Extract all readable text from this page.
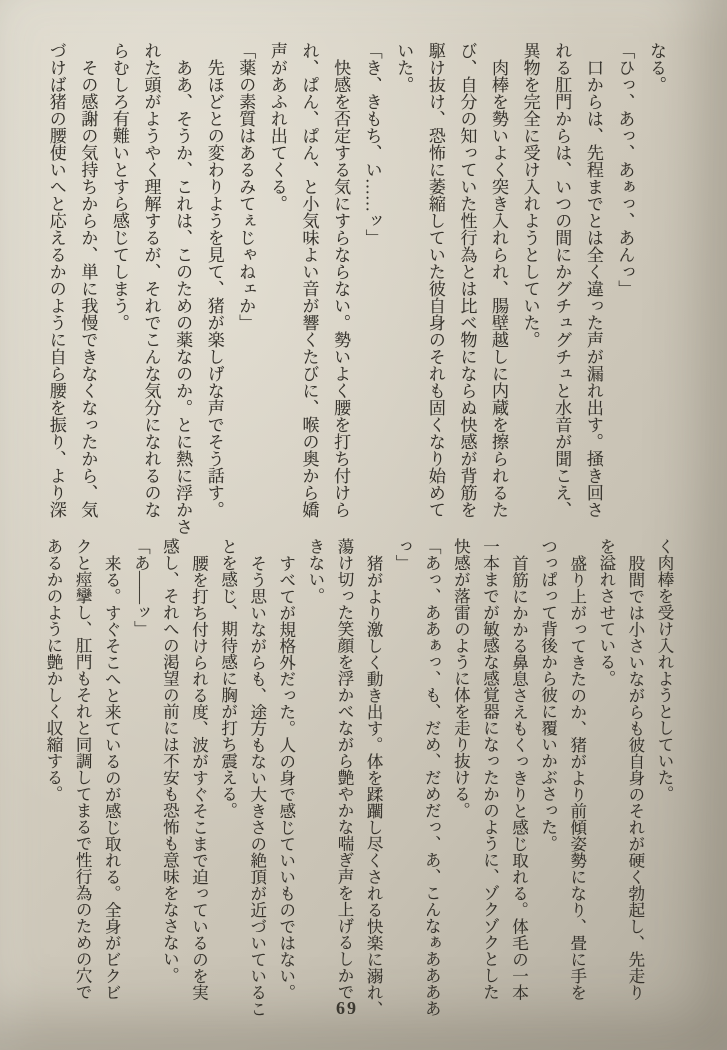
なる。

「ひっ、あっ、あぁっ、あんっ」

口からは、先程までとは全く違った声が漏れ出す。掻き回さ

れる肛門からは、いつの間にかグチュグチュと水音が聞こえ、

異物を完全に受け入れようとしていた。

肉棒を勢いよく突き入れられ、腸壁越しに内蔵を擦られるた

び、自分の知っていた性行為とは比べ物にならぬ快感が背筋を

駆け抜け、恐怖に萎縮していた彼自身のそれも固くなり始めて

いた。

「き、きもち、い……ッ」

快感を否定する気にすらならない。勢いよく腰を打ち付けら

れ、ぱん、ぱん、と小気味よい音が響くたびに、喉の奥から嬌

声があふれ出てくる。

「薬の素質はあるみてぇじゃねェか」

先ほどとの変わりようを見て、猪が楽しげな声でそう話す。

ああ、そうか、これは、このための薬なのか。とに熱に浮かさ

れた頭がようやく理解するが、それでこんな気分になれるのな

らむしろ有難いとすら感じてしまう。

その感謝の気持ちからか、単に我慢できなくなったから、気

づけば猪の腰使いへと応えるかのように自ら腰を振り、より深

く肉棒を受け入れようとしていた。

股間では小さいながらも彼自身のそれが硬く勃起し、先走り

を溢れさせている。

盛り上がってきたのか、猪がより前傾姿勢になり、畳に手を

つっぱって背後から彼に覆いかぶさった。

首筋にかかる鼻息さえもくっきりと感じ取れる。体毛の一本

一本までが敏感な感覚器になったかのように、ゾクゾクとした

快感が落雷のように体を走り抜ける。

「あっ、ああぁっ、も、だめ、だめだっ、あ、こんなぁああああ

っ」

猪がより激しく動き出す。体を蹂躙し尽くされる快楽に溺れ、

蕩け切った笑顔を浮かべながら艶やかな喘ぎ声を上げるしかで

きない。

すべてが規格外だった。人の身で感じていいものではない。

そう思いながらも、途方もない大きさの絶頂が近づいているこ

とを感じ、期待感に胸が打ち震える。

腰を打ち付けられる度、波がすぐそこまで迫っているのを実

感し、それへの渇望の前には不安も恐怖も意味をなさない。

「あ――ッ」

来る。すぐそこへと来ているのが感じ取れる。全身がビクビ

クと痙攣し、肛門もそれと同調してまるで性行為のための穴で

あるかのように艶かしく収縮する。

69
